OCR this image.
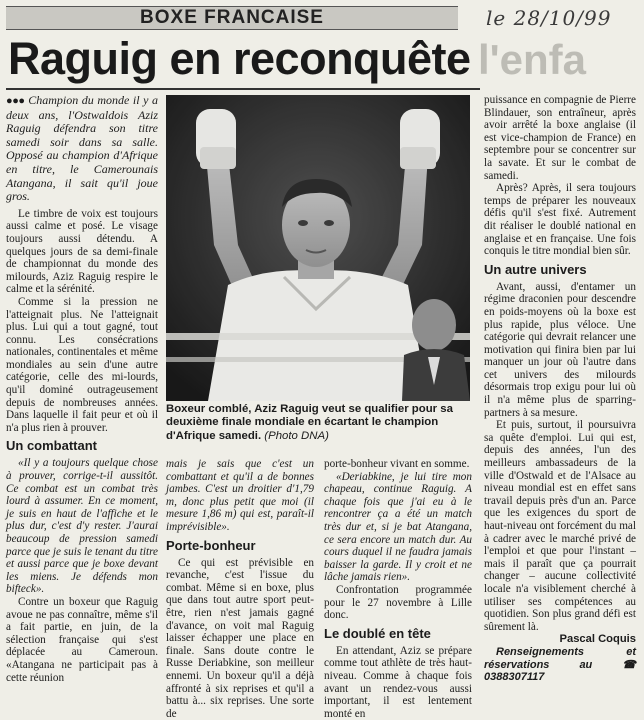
BOXE FRANCAISE	le 28/10/99
Raguig en reconquête l'enfa
●●● Champion du monde il y a deux ans, l'Ostwaldois Aziz Raguig défendra son titre samedi soir dans sa salle. Opposé au champion d'Afrique en titre, le Camerounais Atangana, il sait qu'il joue gros.

Le timbre de voix est toujours aussi calme et posé. Le visage toujours aussi détendu. A quelques jours de sa demi-finale de championnat du monde des milourds, Aziz Raguig respire le calme et la sérénité.

Comme si la pression ne l'atteignait plus. Ne l'atteignait plus. Lui qui a tout gagné, tout connu. Les consécrations nationales, continentales et même mondiales au sein d'une autre catégorie, celle des mi-lourds, qu'il dominé outrageusement depuis de nombreuses années. Dans laquelle il fait peur et où il n'a plus rien à prouver.

Un combattant

«Il y a toujours quelque chose à prouver, corrige-t-il aussitôt. Ce combat est un combat très lourd à assumer. En ce moment, je suis en haut de l'affiche et le plus dur, c'est d'y rester. J'aurai beaucoup de pression samedi parce que je suis le tenant du titre et aussi parce que je boxe devant les miens. Je défends mon bifteck».

Contre un boxeur que Raguig avoue ne pas connaître, même s'il a fait partie, en juin, de la sélection française qui s'est déplacée au Cameroun. «Atangana ne participait pas à cette réunion

Boxeur comblé, Aziz Raguig veut se qualifier pour sa deuxième finale mondiale en écartant le champion d'Afrique samedi. (Photo DNA)

mais je sais que c'est un combattant et qu'il a de bonnes jambes. C'est un droitier d'1,79 m, donc plus petit que moi (il mesure 1,86 m) qui est, paraît-il imprévisible».

Porte-bonheur

Ce qui est prévisible en revanche, c'est l'issue du combat. Même si en boxe, plus que dans tout autre sport peut-être, rien n'est jamais gagné d'avance, on voit mal Raguig laisser échapper une place en finale. Sans doute contre le Russe Deriabkine, son meilleur ennemi. Un boxeur qu'il a déjà affronté à six reprises et qu'il a battu à... six reprises. Une sorte de

porte-bonheur vivant en somme.

«Deriabkine, je lui tire mon chapeau, continue Raguig. A chaque fois que j'ai eu à le rencontrer ça a été un match très dur et, si je bat Atangana, ce sera encore un match dur. Au cours duquel il ne faudra jamais baisser la garde. Il y croit et ne lâche jamais rien».

Confrontation programmée pour le 27 novembre à Lille donc.

Le doublé en tête

En attendant, Aziz se prépare comme tout athlète de très haut-niveau. Comme à chaque fois avant un rendez-vous aussi important, il est lentement monté en

puissance en compagnie de Pierre Blindauer, son entraîneur, après avoir arrêté la boxe anglaise (il est vice-champion de France) en septembre pour se concentrer sur la savate. Et sur le combat de samedi.

Après? Après, il sera toujours temps de préparer les nouveaux défis qu'il s'est fixé. Autrement dit réaliser le doublé national en anglaise et en française. Une fois conquis le titre mondial bien sûr.

Un autre univers

Avant, aussi, d'entamer un régime draconien pour descendre en poids-moyens où la boxe est plus rapide, plus véloce. Une catégorie qui devrait relancer une motivation qui finira bien par lui manquer un jour où l'autre dans cet univers des milourds désormais trop exigu pour lui où il n'a même plus de sparring-partners à sa mesure.

Et puis, surtout, il poursuivra sa quête d'emploi. Lui qui est, depuis des années, l'un des meilleurs ambassadeurs de la ville d'Ostwald et de l'Alsace au niveau mondial est en effet sans travail depuis près d'un an. Parce que les exigences du sport de haut-niveau ont forcément du mal à cadrer avec le marché privé de l'emploi et que pour l'instant – mais il paraît que ça pourrait changer – aucune collectivité locale n'a visiblement cherché à utiliser ses compétences au quotidien. Son plus grand défi est sûrement là.

Pascal Coquis

Renseignements et réservations au ☎ 0388307117
